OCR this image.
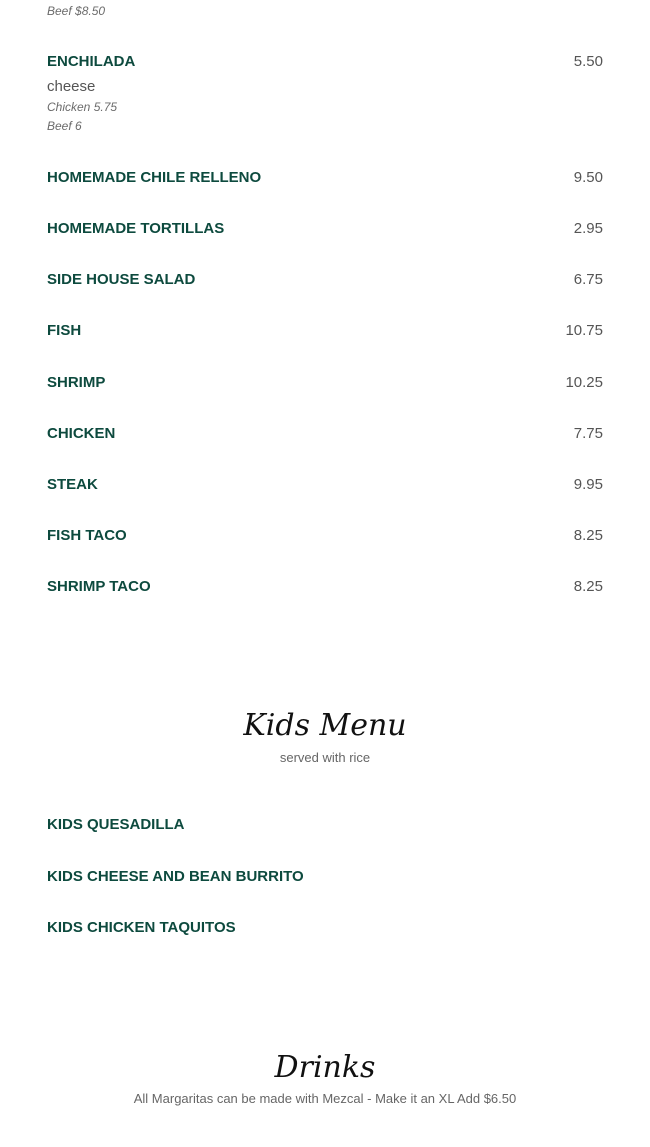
Beef $8.50
ENCHILADA	5.50
cheese
Chicken 5.75
Beef 6
HOMEMADE CHILE RELLENO	9.50
HOMEMADE TORTILLAS	2.95
SIDE HOUSE SALAD	6.75
FISH	10.75
SHRIMP	10.25
CHICKEN	7.75
STEAK	9.95
FISH TACO	8.25
SHRIMP TACO	8.25
Kids Menu
served with rice
KIDS QUESADILLA
KIDS CHEESE AND BEAN BURRITO
KIDS CHICKEN TAQUITOS
Drinks
All Margaritas can be made with Mezcal - Make it an XL Add $6.50
